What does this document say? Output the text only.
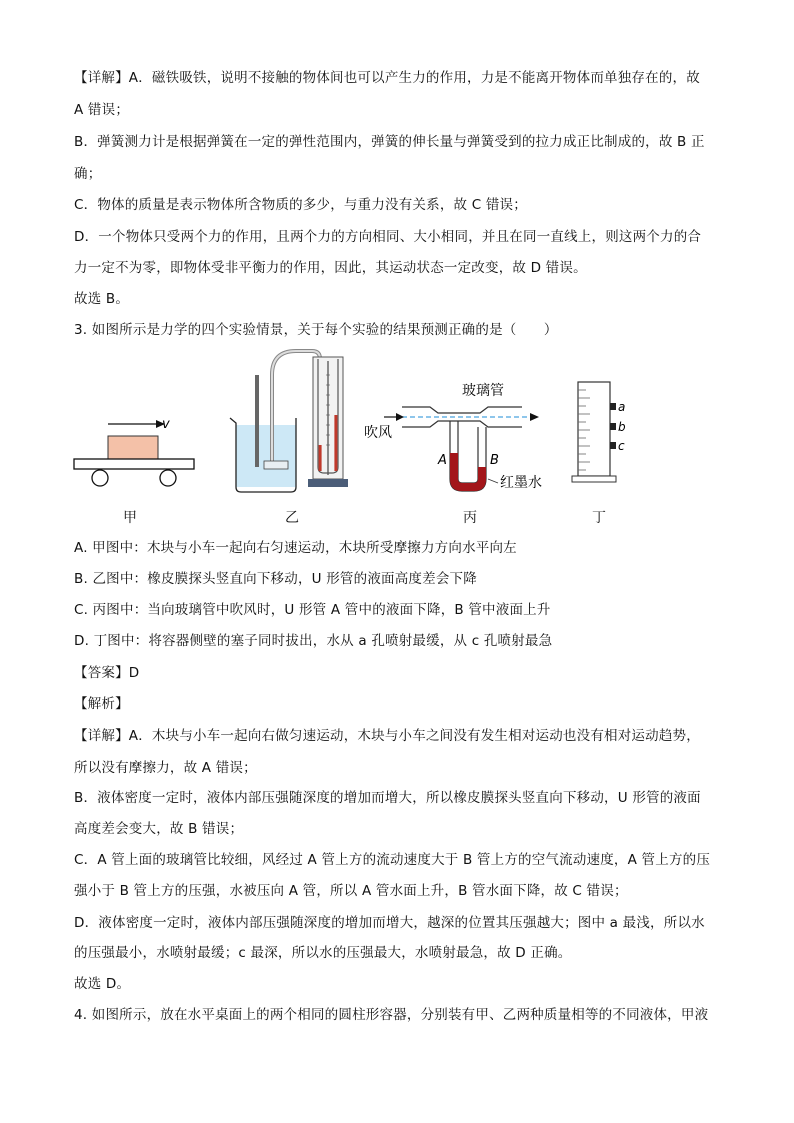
【详解】A．磁铁吸铁，说明不接触的物体间也可以产生力的作用，力是不能离开物体而单独存在的，故
A 错误；
B．弹簧测力计是根据弹簧在一定的弹性范围内，弹簧的伸长量与弹簧受到的拉力成正比制成的，故 B 正
确；
C．物体的质量是表示物体所含物质的多少，与重力没有关系，故 C 错误；
D．一个物体只受两个力的作用，且两个力的方向相同、大小相同，并且在同一直线上，则这两个力的合
力一定不为零，即物体受非平衡力的作用，因此，其运动状态一定改变，故 D 错误。
故选 B。
3. 如图所示是力学的四个实验情景，关于每个实验的结果预测正确的是（　　）
v
玻璃管
吹风
A	B
红墨水
a
b
c
甲	乙	丙	丁
A. 甲图中：木块与小车一起向右匀速运动，木块所受摩擦力方向水平向左
B. 乙图中：橡皮膜探头竖直向下移动，U 形管的液面高度差会下降
C. 丙图中：当向玻璃管中吹风时，U 形管 A 管中的液面下降，B 管中液面上升
D. 丁图中：将容器侧壁的塞子同时拔出，水从 a 孔喷射最缓，从 c 孔喷射最急
【答案】D
【解析】
【详解】A．木块与小车一起向右做匀速运动，木块与小车之间没有发生相对运动也没有相对运动趋势，
所以没有摩擦力，故 A 错误；
B．液体密度一定时，液体内部压强随深度的增加而增大，所以橡皮膜探头竖直向下移动，U 形管的液面
高度差会变大，故 B 错误；
C．A 管上面的玻璃管比较细，风经过 A 管上方的流动速度大于 B 管上方的空气流动速度，A 管上方的压
强小于 B 管上方的压强，水被压向 A 管，所以 A 管水面上升，B 管水面下降，故 C 错误；
D．液体密度一定时，液体内部压强随深度的增加而增大，越深的位置其压强越大；图中 a 最浅，所以水
的压强最小，水喷射最缓；c 最深，所以水的压强最大，水喷射最急，故 D 正确。
故选 D。
4. 如图所示，放在水平桌面上的两个相同的圆柱形容器，分别装有甲、乙两种质量相等的不同液体，甲液
